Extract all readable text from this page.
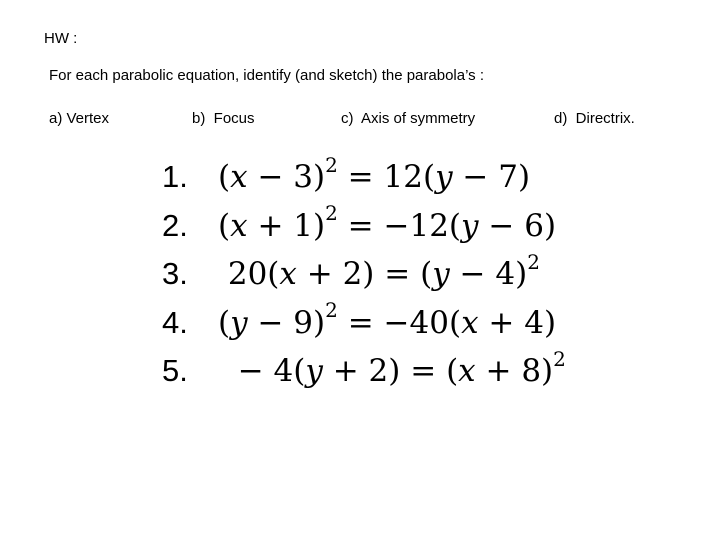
HW :
For each parabolic equation, identify (and sketch) the parabola’s :
a) Vertex	b)  Focus	c)  Axis of symmetry	d)  Directrix.
1. $(x - 3)^2 = 12(y - 7)$
2. $(x + 1)^2 = -12(y - 6)$
3. $20(x + 2) = (y - 4)^2$
4. $(y - 9)^2 = -40(x + 4)$
5. − $4(y + 2) = (x + 8)^2$
